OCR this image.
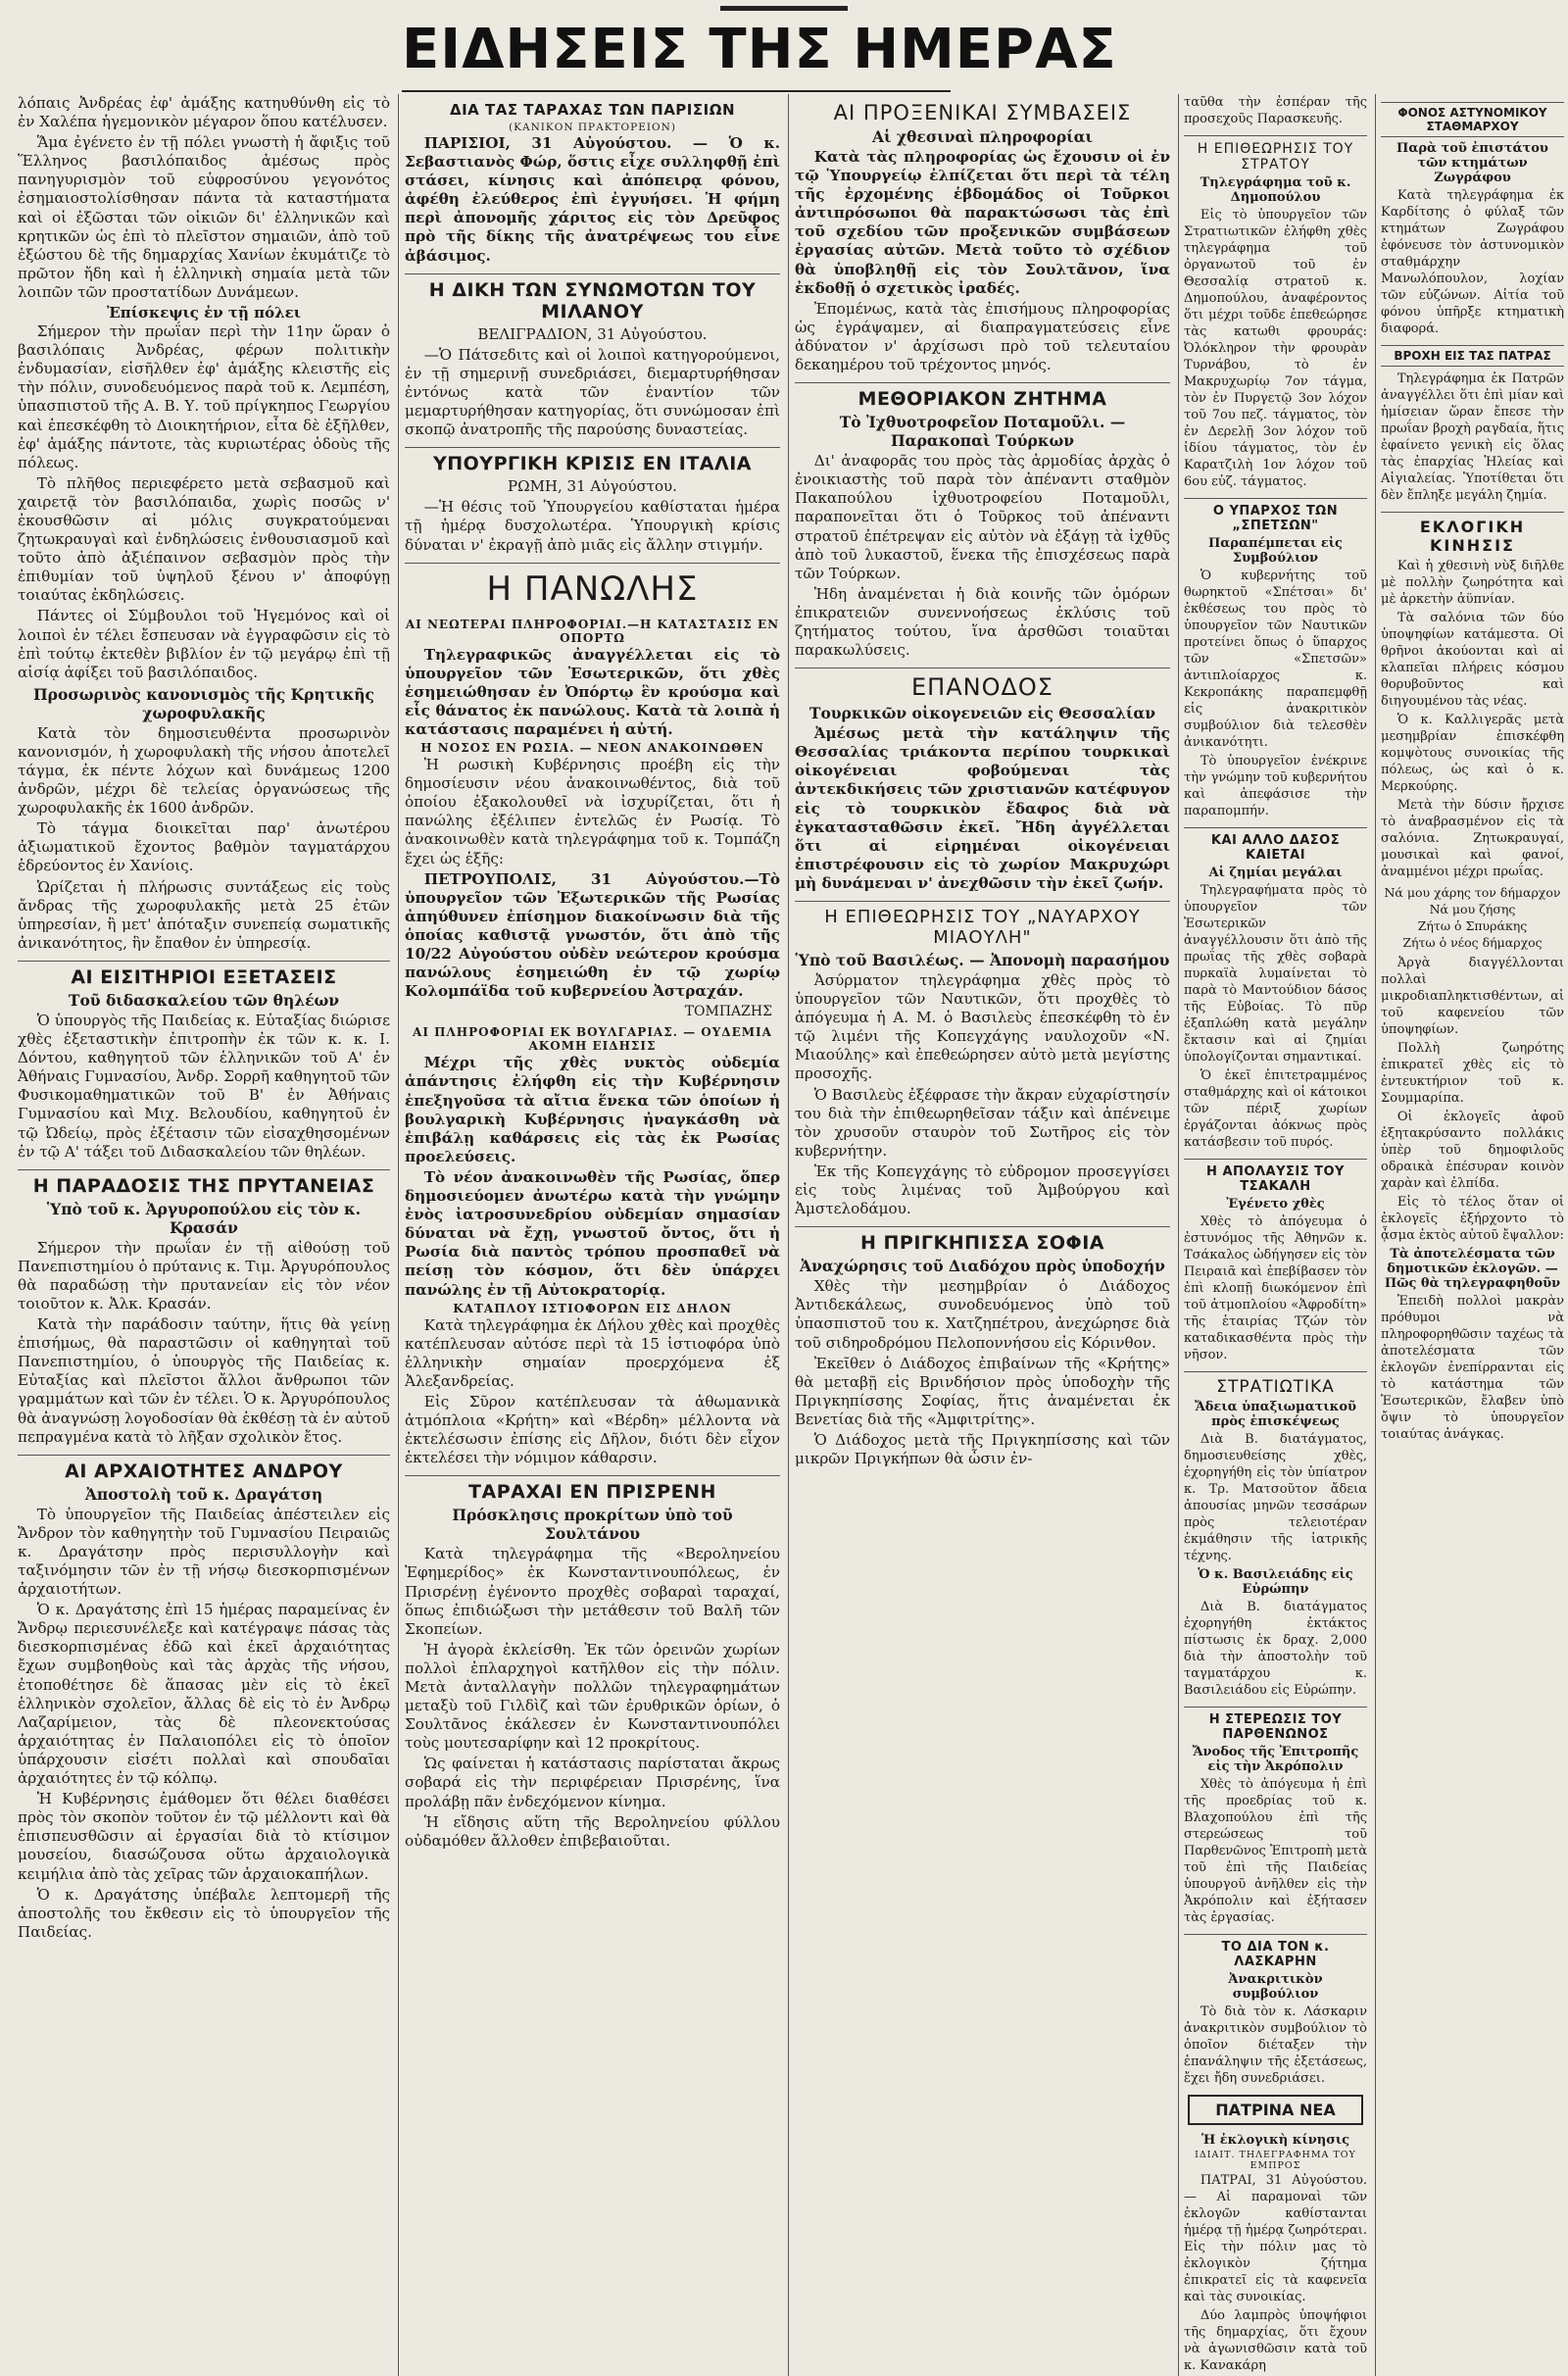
ΕΙΔΗΣΕΙΣ ΤΗΣ ΗΜΕΡΑΣ

λόπαις Ἀνδρέας ἐφ' ἁμάξης κατηυθύνθη εἰς τὸ ἐν Χαλέπα ἡγεμονικὸν μέγαρον ὅπου κατέλυσεν.

Ἅμα ἐγένετο ἐν τῇ πόλει γνωστὴ ἡ ἄφιξις τοῦ Ἕλληνος βασιλόπαιδος ἀμέσως πρὸς πανηγυρισμὸν τοῦ εὐφροσύνου γεγονότος ἐσημαιοστολίσθησαν πάντα τὰ καταστήματα καὶ οἱ ἐξῶσται τῶν οἰκιῶν δι' ἑλληνικῶν καὶ κρητικῶν ὡς ἐπὶ τὸ πλεῖστον σημαιῶν, ἀπὸ τοῦ ἐξώστου δὲ τῆς δημαρχίας Χανίων ἐκυμάτιζε τὸ πρῶτον ἤδη καὶ ἡ ἑλληνικὴ σημαία μετὰ τῶν λοιπῶν τῶν προστατίδων Δυνάμεων.

Ἐπίσκεψις ἐν τῇ πόλει

Σήμερον τὴν πρωΐαν περὶ τὴν 11ην ὥραν ὁ βασιλόπαις Ἀνδρέας, φέρων πολιτικὴν ἐνδυμασίαν, εἰσῆλθεν ἐφ' ἁμάξης κλειστῆς εἰς τὴν πόλιν, συνοδευόμενος παρὰ τοῦ κ. Λεμπέση, ὑπασπιστοῦ τῆς Α. Β. Υ. τοῦ πρίγκηπος Γεωργίου καὶ ἐπεσκέφθη τὸ Διοικητήριον, εἶτα δὲ ἐξῆλθεν, ἐφ' ἁμάξης πάντοτε, τὰς κυριωτέρας ὁδοὺς τῆς πόλεως.

Τὸ πλῆθος περιεφέρετο μετὰ σεβασμοῦ καὶ χαιρετᾷ τὸν βασιλόπαιδα, χωρὶς ποσῶς ν' ἐκουσθῶσιν αἱ μόλις συγκρατούμεναι ζητωκραυγαὶ καὶ ἐνδηλώσεις ἐνθουσιασμοῦ καὶ τοῦτο ἀπὸ ἀξιέπαινον σεβασμὸν πρὸς τὴν ἐπιθυμίαν τοῦ ὑψηλοῦ ξένου ν' ἀποφύγῃ τοιαύτας ἐκδηλώσεις.

Πάντες οἱ Σύμβουλοι τοῦ Ἡγεμόνος καὶ οἱ λοιποὶ ἐν τέλει ἔσπευσαν νὰ ἐγγραφῶσιν εἰς τὸ ἐπὶ τούτῳ ἐκτεθὲν βιβλίον ἐν τῷ μεγάρῳ ἐπὶ τῇ αἰσίᾳ ἀφίξει τοῦ βασιλόπαιδος.

Προσωρινὸς κανονισμὸς τῆς Κρητικῆς χωροφυλακῆς

Κατὰ τὸν δημοσιευθέντα προσωρινὸν κανονισμόν, ἡ χωροφυλακὴ τῆς νήσου ἀποτελεῖ τάγμα, ἐκ πέντε λόχων καὶ δυνάμεως 1200 ἀνδρῶν, μέχρι δὲ τελείας ὀργανώσεως τῆς χωροφυλακῆς ἐκ 1600 ἀνδρῶν.

Τὸ τάγμα διοικεῖται παρ' ἀνωτέρου ἀξιωματικοῦ ἔχοντος βαθμὸν ταγματάρχου ἑδρεύοντος ἐν Χανίοις.

Ὡρίζεται ἡ πλήρωσις συντάξεως εἰς τοὺς ἄνδρας τῆς χωροφυλακῆς μετὰ 25 ἐτῶν ὑπηρεσίαν, ἢ μετ' ἀπόταξιν συνεπείᾳ σωματικῆς ἀνικανότητος, ἣν ἔπαθον ἐν ὑπηρεσίᾳ.

ΑΙ ΕΙΣΙΤΗΡΙΟΙ ΕΞΕΤΑΣΕΙΣ
Τοῦ διδασκαλείου τῶν θηλέων

Ὁ ὑπουργὸς τῆς Παιδείας κ. Εὐταξίας διώρισε χθὲς ἐξεταστικὴν ἐπιτροπὴν ἐκ τῶν κ. κ. Ι. Δόντου, καθηγητοῦ τῶν ἑλληνικῶν τοῦ Α' ἐν Ἀθήναις Γυμνασίου, Ἀνδρ. Σορρῆ καθηγητοῦ τῶν Φυσικομαθηματικῶν τοῦ Β' ἐν Ἀθήναις Γυμνασίου καὶ Μιχ. Βελουδίου, καθηγητοῦ ἐν τῷ Ὠδείῳ, πρὸς ἐξέτασιν τῶν εἰσαχθησομένων ἐν τῷ Α' τάξει τοῦ Διδασκαλείου τῶν θηλέων.

Η ΠΑΡΑΔΟΣΙΣ ΤΗΣ ΠΡΥΤΑΝΕΙΑΣ
Ὑπὸ τοῦ κ. Ἀργυροπούλου εἰς τὸν κ. Κρασάν

Σήμερον τὴν πρωΐαν ἐν τῇ αἰθούσῃ τοῦ Πανεπιστημίου ὁ πρύτανις κ. Τιμ. Ἀργυρόπουλος θὰ παραδώσῃ τὴν πρυτανείαν εἰς τὸν νέον τοιοῦτον κ. Ἀλκ. Κρασάν.

Κατὰ τὴν παράδοσιν ταύτην, ἥτις θὰ γείνῃ ἐπισήμως, θὰ παραστῶσιν οἱ καθηγηταὶ τοῦ Πανεπιστημίου, ὁ ὑπουργὸς τῆς Παιδείας κ. Εὐταξίας καὶ πλεῖστοι ἄλλοι ἄνθρωποι τῶν γραμμάτων καὶ τῶν ἐν τέλει. Ὁ κ. Ἀργυρόπουλος θὰ ἀναγνώσῃ λογοδοσίαν θὰ ἐκθέσῃ τὰ ἐν αὐτοῦ πεπραγμένα κατὰ τὸ λῆξαν σχολικὸν ἔτος.

ΑΙ ΑΡΧΑΙΟΤΗΤΕΣ ΑΝΔΡΟΥ
Ἀποστολὴ τοῦ κ. Δραγάτση

Τὸ ὑπουργεῖον τῆς Παιδείας ἀπέστειλεν εἰς Ἄνδρον τὸν καθηγητὴν τοῦ Γυμνασίου Πειραιῶς κ. Δραγάτσην πρὸς περισυλλογὴν καὶ ταξινόμησιν τῶν ἐν τῇ νήσῳ διεσκορπισμένων ἀρχαιοτήτων.

Ὁ κ. Δραγάτσης ἐπὶ 15 ἡμέρας παραμείνας ἐν Ἄνδρῳ περιεσυνέλεξε καὶ κατέγραψε πάσας τὰς διεσκορπισμένας ἐδῶ καὶ ἐκεῖ ἀρχαιότητας ἔχων συμβοηθοὺς καὶ τὰς ἀρχὰς τῆς νήσου, ἐτοποθέτησε δὲ ἅπασας μὲν εἰς τὸ ἐκεῖ ἑλληνικὸν σχολεῖον, ἄλλας δὲ εἰς τὸ ἐν Ἀνδρῳ Λαζαρίμειον, τὰς δὲ πλεονεκτούσας ἀρχαιότητας ἐν Παλαιοπόλει εἰς τὸ ὁποῖον ὑπάρχουσιν εἰσέτι πολλαὶ καὶ σπουδαῖαι ἀρχαιότητες ἐν τῷ κόλπῳ.

Ἡ Κυβέρνησις ἐμάθομεν ὅτι θέλει διαθέσει πρὸς τὸν σκοπὸν τοῦτον ἐν τῷ μέλλοντι καὶ θὰ ἐπισπευσθῶσιν αἱ ἐργασίαι διὰ τὸ κτίσιμον μουσείου, διασώζουσα οὕτω ἀρχαιολογικὰ κειμήλια ἀπὸ τὰς χεῖρας τῶν ἀρχαιοκαπήλων.

Ὁ κ. Δραγάτσης ὑπέβαλε λεπτομερῆ τῆς ἀποστολῆς του ἔκθεσιν εἰς τὸ ὑπουργεῖον τῆς Παιδείας.

ΔΙΑ ΤΑΣ ΤΑΡΑΧΑΣ ΤΩΝ ΠΑΡΙΣΙΩΝ
(ΚΑΝΙΚΟΝ ΠΡΑΚΤΟΡΕΙΟΝ)

ΠΑΡΙΣΙΟΙ, 31 Αὐγούστου. — Ὁ κ. Σεβαστιανὸς Φώρ, ὅστις εἶχε συλληφθῇ ἐπὶ στάσει, κίνησις καὶ ἀπόπειρᾳ φόνου, ἀφέθη ἐλεύθερος ἐπὶ ἐγγυήσει. Ἡ φήμη περὶ ἀπονομῆς χάριτος εἰς τὸν Δρεῦφος πρὸ τῆς δίκης τῆς ἀνατρέψεως του εἶνε ἀβάσιμος.

Η ΔΙΚΗ ΤΩΝ ΣΥΝΩΜΟΤΩΝ ΤΟΥ ΜΙΛΑΝΟΥ

ΒΕΛΙΓΡΑΔΙΟΝ, 31 Αὐγούστου.

—Ὁ Πάτσεδιτς καὶ οἱ λοιποὶ κατηγορούμενοι, ἐν τῇ σημερινῇ συνεδριάσει, διεμαρτυρήθησαν ἐντόνως κατὰ τῶν ἐναντίον τῶν μεμαρτυρήθησαν κατηγορίας, ὅτι συνώμοσαν ἐπὶ σκοπῷ ἀνατροπῆς τῆς παρούσης δυναστείας.

ΥΠΟΥΡΓΙΚΗ ΚΡΙΣΙΣ ΕΝ ΙΤΑΛΙΑ

ΡΩΜΗ, 31 Αὐγούστου.

—Ἡ θέσις τοῦ Ὑπουργείου καθίσταται ἡμέρα τῇ ἡμέρᾳ δυσχολωτέρα. Ὑπουργικὴ κρίσις δύναται ν' ἐκραγῇ ἀπὸ μιᾶς εἰς ἄλλην στιγμήν.

Η ΠΑΝΩΛΗΣ
ΑΙ ΝΕΩΤΕΡΑΙ ΠΛΗΡΟΦΟΡΙΑΙ.—Η ΚΑΤΑΣΤΑΣΙΣ ΕΝ ΟΠΟΡΤΩ

Τηλεγραφικῶς ἀναγγέλλεται εἰς τὸ ὑπουργεῖον τῶν Ἐσωτερικῶν, ὅτι χθὲς ἐσημειώθησαν ἐν Ὀπόρτῳ ἓν κρούσμα καὶ εἷς θάνατος ἐκ πανώλους. Κατὰ τὰ λοιπὰ ἡ κατάστασις παραμένει ἡ αὐτή.

Η ΝΟΣΟΣ ΕΝ ΡΩΣΙΑ. — ΝΕΟΝ ΑΝΑΚΟΙΝΩΘΕΝ

Ἡ ρωσικὴ Κυβέρνησις προέβη εἰς τὴν δημοσίευσιν νέου ἀνακοινωθέντος, διὰ τοῦ ὁποίου ἐξακολουθεῖ νὰ ἰσχυρίζεται, ὅτι ἡ πανώλης ἐξέλιπεν ἐντελῶς ἐν Ρωσίᾳ. Τὸ ἀνακοινωθὲν κατὰ τηλεγράφημα τοῦ κ. Τομπάζη ἔχει ὡς ἑξῆς:

ΠΕΤΡΟΥΠΟΛΙΣ, 31 Αὐγούστου.—Τὸ ὑπουργεῖον τῶν Ἐξωτερικῶν τῆς Ρωσίας ἀπηύθυνεν ἐπίσημον διακοίνωσιν διὰ τῆς ὁποίας καθιστᾷ γνωστόν, ὅτι ἀπὸ τῆς 10/22 Αὐγούστου οὐδὲν νεώτερον κρούσμα πανώλους ἐσημειώθη ἐν τῷ χωρίῳ Κολομπάϊδα τοῦ κυβερνείου Ἀστραχάν.

ΤΟΜΠΑΖΗΣ

ΑΙ ΠΛΗΡΟΦΟΡΙΑΙ ΕΚ ΒΟΥΛΓΑΡΙΑΣ. — ΟΥΔΕΜΙΑ ΑΚΟΜΗ ΕΙΔΗΣΙΣ

Μέχρι τῆς χθὲς νυκτὸς οὐδεμία ἀπάντησις ἐλήφθη εἰς τὴν Κυβέρνησιν ἐπεξηγοῦσα τὰ αἴτια ἕνεκα τῶν ὁποίων ἡ βουλγαρικὴ Κυβέρνησις ἠναγκάσθη νὰ ἐπιβάλῃ καθάρσεις εἰς τὰς ἐκ Ρωσίας προελεύσεις.

Τὸ νέον ἀνακοινωθὲν τῆς Ρωσίας, ὅπερ δημοσιεύομεν ἀνωτέρω κατὰ τὴν γνώμην ἐνὸς ἰατροσυνεδρίου οὐδεμίαν σημασίαν δύναται νὰ ἔχῃ, γνωστοῦ ὄντος, ὅτι ἡ Ρωσία διὰ παντὸς τρόπου προσπαθεῖ νὰ πείσῃ τὸν κόσμον, ὅτι δὲν ὑπάρχει πανώλης ἐν τῇ Αὐτοκρατορίᾳ.

ΚΑΤΑΠΛΟΥ ΙΣΤΙΟΦΟΡΩΝ ΕΙΣ ΔΗΛΟΝ

Κατὰ τηλεγράφημα ἐκ Δήλου χθὲς καὶ προχθὲς κατέπλευσαν αὐτόσε περὶ τὰ 15 ἱστιοφόρα ὑπὸ ἑλληνικὴν σημαίαν προερχόμενα ἐξ Ἀλεξανδρείας.

Εἰς Σῦρον κατέπλευσαν τὰ ἀθωμανικὰ ἀτμόπλοια «Κρήτη» καὶ «Βέρδη» μέλλοντα νὰ ἐκτελέσωσιν ἐπίσης εἰς Δῆλον, διότι δὲν εἶχον ἐκτελέσει τὴν νόμιμον κάθαρσιν.

ΤΑΡΑΧΑΙ ΕΝ ΠΡΙΣΡΕΝΗ
Πρόσκλησις προκρίτων ὑπὸ τοῦ Σουλτάνου

Κατὰ τηλεγράφημα τῆς «Βεροληνείου Ἐφημερίδος» ἐκ Κωνσταντινουπόλεως, ἐν Πρισρένῃ ἐγένοντο προχθὲς σοβαραὶ ταραχαί, ὅπως ἐπιδιώξωσι τὴν μετάθεσιν τοῦ Βαλῆ τῶν Σκοπείων.

Ἡ ἀγορὰ ἐκλείσθη. Ἐκ τῶν ὀρεινῶν χωρίων πολλοὶ ἐπλαρχηγοὶ κατῆλθον εἰς τὴν πόλιν. Μετὰ ἀνταλλαγὴν πολλῶν τηλεγραφημάτων μεταξὺ τοῦ Γιλδὶζ καὶ τῶν ἐρυθρικῶν ὁρίων, ὁ Σουλτᾶνος ἐκάλεσεν ἐν Κωνσταντινουπόλει τοὺς μουτεσαρίφην καὶ 12 προκρίτους.

Ὡς φαίνεται ἡ κατάστασις παρίσταται ἄκρως σοβαρά εἰς τὴν περιφέρειαν Πρισρένης, ἵνα προλάβῃ πᾶν ἐνδεχόμενον κίνημα.

Ἡ εἴδησις αὕτη τῆς Βεροληνείου φύλλου οὐδαμόθεν ἄλλοθεν ἐπιβεβαιοῦται.

ΑΙ ΠΡΟΞΕΝΙΚΑΙ ΣΥΜΒΑΣΕΙΣ
Αἱ χθεσιναὶ πληροφορίαι

Κατὰ τὰς πληροφορίας ὡς ἔχουσιν οἱ ἐν τῷ Ὑπουργείῳ ἐλπίζεται ὅτι περὶ τὰ τέλη τῆς ἐρχομένης ἑβδομάδος οἱ Τοῦρκοι ἀντιπρόσωποι θὰ παρακτώσωσι τὰς ἐπὶ τοῦ σχεδίου τῶν προξενικῶν συμβάσεων ἐργασίας αὐτῶν. Μετὰ τοῦτο τὸ σχέδιον θὰ ὑποβληθῇ εἰς τὸν Σουλτᾶνον, ἵνα ἐκδοθῇ ὁ σχετικὸς ἰραδές.

Ἐπομένως, κατὰ τὰς ἐπισήμους πληροφορίας ὡς ἐγράψαμεν, αἱ διαπραγματεύσεις εἶνε ἀδύνατον ν' ἀρχίσωσι πρὸ τοῦ τελευταίου δεκαημέρου τοῦ τρέχοντος μηνός.

ΜΕΘΟΡΙΑΚΟΝ ΖΗΤΗΜΑ
Τὸ Ἰχθυοτροφεῖον Ποταμοῦλι. — Παρακοπαὶ Τούρκων

Δι' ἀναφορᾶς του πρὸς τὰς ἁρμοδίας ἀρχὰς ὁ ἐνοικιαστὴς τοῦ παρὰ τὸν ἀπέναντι σταθμὸν Πακαπούλου ἰχθυοτροφείου Ποταμοῦλι, παραπονεῖται ὅτι ὁ Τοῦρκος τοῦ ἀπέναντι στρατοῦ ἐπέτρεψαν εἰς αὐτὸν νὰ ἐξάγῃ τὰ ἰχθῦς ἀπὸ τοῦ λυκαστοῦ, ἕνεκα τῆς ἐπισχέσεως παρὰ τῶν Τούρκων.

Ἡδη ἀναμένεται ἡ διὰ κοινῆς τῶν ὁμόρων ἐπικρατειῶν συνεννοήσεως ἐκλύσις τοῦ ζητήματος τούτου, ἵνα ἀρσθῶσι τοιαῦται παρακωλύσεις.

ΕΠΑΝΟΔΟΣ
Τουρκικῶν οἰκογενειῶν εἰς Θεσσαλίαν

Ἀμέσως μετὰ τὴν κατάληψιν τῆς Θεσσαλίας τριάκοντα περίπου τουρκικαὶ οἰκογένειαι φοβούμεναι τὰς ἀντεκδικήσεις τῶν χριστιανῶν κατέφυγον εἰς τὸ τουρκικὸν ἔδαφος διὰ νὰ ἐγκατασταθῶσιν ἐκεῖ. Ἤδη ἀγγέλλεται ὅτι αἱ εἰρημέναι οἰκογένειαι ἐπιστρέφουσιν εἰς τὸ χωρίον Μακρυχώρι μὴ δυνάμεναι ν' ἀνεχθῶσιν τὴν ἐκεῖ ζωήν.

Η ΕΠΙΘΕΩΡΗΣΙΣ ΤΟΥ „ΝΑΥΑΡΧΟΥ ΜΙΑΟΥΛΗ"
Ὑπὸ τοῦ Βασιλέως. — Ἀπονομὴ παρασήμου

Ἀσύρματον τηλεγράφημα χθὲς πρὸς τὸ ὑπουργεῖον τῶν Ναυτικῶν, ὅτι προχθὲς τὸ ἀπόγευμα ἡ Α. Μ. ὁ Βασιλεὺς ἐπεσκέφθη τὸ ἐν τῷ λιμένι τῆς Κοπεγχάγης ναυλοχοῦν «Ν. Μιαούλης» καὶ ἐπεθεώρησεν αὐτὸ μετὰ μεγίστης προσοχῆς.

Ὁ Βασιλεὺς ἐξέφρασε τὴν ἄκραν εὐχαρίστησίν του διὰ τὴν ἐπιθεωρηθεῖσαν τάξιν καὶ ἀπένειμε τὸν χρυσοῦν σταυρὸν τοῦ Σωτῆρος εἰς τὸν κυβερνήτην.

Ἐκ τῆς Κοπεγχάγης τὸ εὐδρομον προσεγγίσει εἰς τοὺς λιμένας τοῦ Ἀμβούργου καὶ Ἀμστελοδάμου.

Η ΠΡΙΓΚΗΠΙΣΣΑ ΣΟΦΙΑ
Ἀναχώρησις τοῦ Διαδόχου πρὸς ὑποδοχήν

Χθὲς τὴν μεσημβρίαν ὁ Διάδοχος Ἀντιδεκάλεως, συνοδευόμενος ὑπὸ τοῦ ὑπασπιστοῦ του κ. Χατζηπέτρου, ἀνεχώρησε διὰ τοῦ σιδηροδρόμου Πελοποννήσου εἰς Κόρινθον.

Ἐκεῖθεν ὁ Διάδοχος ἐπιβαίνων τῆς «Κρήτης» θὰ μεταβῇ εἰς Βρινδήσιον πρὸς ὑποδοχὴν τῆς Πριγκηπίσσης Σοφίας, ἥτις ἀναμένεται ἐκ Βενετίας διὰ τῆς «Ἀμφιτρίτης».

Ὁ Διάδοχος μετὰ τῆς Πριγκηπίσσης καὶ τῶν μικρῶν Πριγκήπων θὰ ὦσιν ἐν-

ταῦθα τὴν ἑσπέραν τῆς προσεχοῦς Παρασκευῆς.

Η ΕΠΙΘΕΩΡΗΣΙΣ ΤΟΥ ΣΤΡΑΤΟΥ
Τηλεγράφημα τοῦ κ. Δημοπούλου

Εἰς τὸ ὑπουργεῖον τῶν Στρατιωτικῶν ἐλήφθη χθὲς τηλεγράφημα τοῦ ὀργανωτοῦ τοῦ ἐν Θεσσαλίᾳ στρατοῦ κ. Δημοπούλου, ἀναφέροντος ὅτι μέχρι τοῦδε ἐπεθεώρησε τὰς κατωθι φρουράς: Ὀλόκληρον τὴν φρουρὰν Τυρνάβου, τὸ ἐν Μακρυχωρίῳ 7ον τάγμα, τὸν ἐν Πυργετῷ 3ον λόχον τοῦ 7ου πεζ. τάγματος, τὸν ἐν Δερελῇ 3ον λόχον τοῦ ἰδίου τάγματος, τὸν ἐν Καρατζιλὴ 1ον λόχον τοῦ 6ου εὐζ. τάγματος.

Ο ΥΠΑΡΧΟΣ ΤΩΝ „ΣΠΕΤΣΩΝ"
Παραπέμπεται εἰς Συμβούλιον

Ὁ κυβερνήτης τοῦ θωρηκτοῦ «Σπέτσαι» δι' ἐκθέσεως του πρὸς τὸ ὑπουργεῖον τῶν Ναυτικῶν προτείνει ὅπως ὁ ὕπαρχος τῶν «Σπετσῶν» ἀντιπλοίαρχος κ. Κεκροπάκης παραπεμφθῇ εἰς ἀνακριτικὸν συμβούλιον διὰ τελεσθὲν ἀνικανότητι.

Τὸ ὑπουργεῖον ἐνέκρινε τὴν γνώμην τοῦ κυβερνήτου καὶ ἀπεφάσισε τὴν παραπομπήν.

ΚΑΙ ΑΛΛΟ ΔΑΣΟΣ ΚΑΙΕΤΑΙ
Αἱ ζημίαι μεγάλαι

Τηλεγραφήματα πρὸς τὸ ὑπουργεῖον τῶν Ἐσωτερικῶν ἀναγγέλλουσιν ὅτι ἀπὸ τῆς πρωΐας τῆς χθὲς σοβαρὰ πυρκαϊὰ λυμαίνεται τὸ παρὰ τὸ Μαντούδιον δάσος τῆς Εὐβοίας. Τὸ πῦρ ἐξαπλώθη κατὰ μεγάλην ἔκτασιν καὶ αἱ ζημίαι ὑπολογίζονται σημαντικαί.

Ὁ ἐκεῖ ἐπιτετραμμένος σταθμάρχης καὶ οἱ κάτοικοι τῶν πέριξ χωρίων ἐργάζονται ἀόκνως πρὸς κατάσβεσιν τοῦ πυρός.

Η ΑΠΟΛΑΥΣΙΣ ΤΟΥ ΤΣΑΚΑΛΗ
Ἐγένετο χθὲς

Χθὲς τὸ ἀπόγευμα ὁ ἐστυνόμος τῆς Ἀθηνῶν κ. Τσάκαλος ὡδήγησεν εἰς τὸν Πειραιᾶ καὶ ἐπεβίβασεν τὸν ἐπὶ κλοπῇ διωκόμενον ἐπὶ τοῦ ἀτμοπλοίου «Ἀφροδίτη» τῆς ἑταιρίας Τζών τὸν καταδικασθέντα πρὸς τὴν νῆσον.

ΣΤΡΑΤΙΩΤΙΚΑ
Ἄδεια ὑπαξιωματικοῦ πρὸς ἐπισκέψεως

Διὰ Β. διατάγματος, δημοσιευθείσης χθὲς, ἐχορηγήθη εἰς τὸν ὑπίατρον κ. Τρ. Ματσοῦτον ἄδεια ἀπουσίας μηνῶν τεσσάρων πρὸς τελειοτέραν ἐκμάθησιν τῆς ἰατρικῆς τέχνης.

Ὁ κ. Βασιλειάδης εἰς Εὐρώπην

Διὰ Β. διατάγματος ἐχορηγήθη ἐκτάκτος πίστωσις ἐκ δραχ. 2,000 διὰ τὴν ἀποστολὴν τοῦ ταγματάρχου κ. Βασιλειάδου εἰς Εὐρώπην.

Η ΣΤΕΡΕΩΣΙΣ ΤΟΥ ΠΑΡΘΕΝΩΝΟΣ
Ἄνοδος τῆς Ἐπιτροπῆς εἰς τὴν Ἀκρόπολιν

Χθὲς τὸ ἀπόγευμα ἡ ἐπὶ τῆς προεδρίας τοῦ κ. Βλαχοπούλου ἐπὶ τῆς στερεώσεως τοῦ Παρθενῶνος Ἐπιτροπὴ μετὰ τοῦ ἐπὶ τῆς Παιδείας ὑπουργοῦ ἀνῆλθεν εἰς τὴν Ἀκρόπολιν καὶ ἐξήτασεν τὰς ἐργασίας.

ΤΟ ΔΙΑ ΤΟΝ κ. ΛΑΣΚΑΡΗΝ
Ἀνακριτικὸν συμβούλιον

Τὸ διὰ τὸν κ. Λάσκαριν ἀνακριτικὸν συμβούλιον τὸ ὁποῖον διέταξεν τὴν ἐπανάληψιν τῆς ἐξετάσεως, ἔχει ἤδη συνεδριάσει.

ΠΑΤΡΙΝΑ ΝΕΑ
Ἡ ἐκλογικὴ κίνησις
ΙΔΙΑΙΤ. ΤΗΛΕΓΡΑΦΗΜΑ ΤΟΥ ΕΜΠΡΟΣ

ΠΑΤΡΑΙ, 31 Αὐγούστου. — Αἱ παραμοναὶ τῶν ἐκλογῶν καθίστανται ἡμέρᾳ τῇ ἡμέρᾳ ζωηρότεραι. Εἰς τὴν πόλιν μας τὸ ἐκλογικὸν ζήτημα ἐπικρατεῖ εἰς τὰ καφενεῖα καὶ τὰς συνοικίας.

Δύο λαμπρὸς ὑποψήφιοι τῆς δημαρχίας, ὅτι ἔχουν νὰ ἀγωνισθῶσιν κατὰ τοῦ κ. Κανακάρη

ΦΟΝΟΣ ΑΣΤΥΝΟΜΙΚΟΥ ΣΤΑΘΜΑΡΧΟΥ
Παρὰ τοῦ ἐπιστάτου τῶν κτημάτων Ζωγράφου

Κατὰ τηλεγράφημα ἐκ Καρδίτσης ὁ φύλαξ τῶν κτημάτων Ζωγράφου ἐφόνευσε τὸν ἀστυνομικὸν σταθμάρχην Μανωλόπουλον, λοχίαν τῶν εὐζώνων. Αἰτία τοῦ φόνου ὑπῆρξε κτηματικὴ διαφορά.

ΒΡΟΧΗ ΕΙΣ ΤΑΣ ΠΑΤΡΑΣ

Τηλεγράφημα ἐκ Πατρῶν ἀναγγέλλει ὅτι ἐπὶ μίαν καὶ ἡμίσειαν ὥραν ἔπεσε τὴν πρωΐαν βροχὴ ραγδαία, ἥτις ἐφαίνετο γενικὴ εἰς ὅλας τὰς ἐπαρχίας Ἠλείας καὶ Αἰγιαλείας. Ὑποτίθεται ὅτι δὲν ἔπληξε μεγάλη ζημία.

ΕΚΛΟΓΙΚΗ ΚΙΝΗΣΙΣ

Καὶ ἡ χθεσινὴ νὺξ διῆλθε μὲ πολλὴν ζωηρότητα καὶ μὲ ἀρκετὴν ἀϋπνίαν.

Τὰ σαλόνια τῶν δύο ὑποψηφίων κατάμεστα. Οἱ θρῆνοι ἀκούονται καὶ αἱ κλαπεῖαι πλήρεις κόσμου θορυβοῦντος καὶ διηγουμένου τὰς νέας.

Ὁ κ. Καλλιγερᾶς μετὰ μεσημβρίαν ἐπισκέφθη κομψὸτους συνοικίας τῆς πόλεως, ὡς καὶ ὁ κ. Μερκούρης.

Μετὰ τὴν δύσιν ἤρχισε τὸ ἀναβρασμένον εἰς τὰ σαλόνια. Ζητωκραυγαί, μουσικαὶ καὶ φανοί, ἀναμμένοι μέχρι πρωΐας.

Νά μου χάρης τον δήμαρχον
Νά μου ζήσης
Ζήτω ὁ Σπυράκης
Ζήτω ὁ νέος δήμαρχος

Ἀργὰ διαγγέλλονται πολλαὶ μικροδιαπληκτισθέντων, αἱ τοῦ καφενείου τῶν ὑποψηφίων.

Πολλὴ ζωηρότης ἐπικρατεῖ χθὲς εἰς τὸ ἐντευκτήριον τοῦ κ. Σουμμαρίπα.

Οἱ ἐκλογεῖς ἀφοῦ ἐξητακρύσαντο πολλάκις ὑπὲρ τοῦ δημοφιλοῦς οδραικὰ ἐπέσυραν κοινὸν χαρὰν καὶ ἐλπίδα.

Εἰς τὸ τέλος ὅταν οἱ ἐκλογεῖς ἐξήρχοντο τὸ ᾆσμα ἐκτὸς αὐτοῦ ἔψαλλον:

Τὰ ἀποτελέσματα τῶν δημοτικῶν ἐκλογῶν. — Πῶς θὰ τηλεγραφηθοῦν

Ἐπειδὴ πολλοὶ μακρὰν πρόθυμοι νὰ πληροφορηθῶσιν ταχέως τὰ ἀποτελέσματα τῶν ἐκλογῶν ἐνεπίρρανται εἰς τὸ κατάστημα τῶν Ἐσωτερικῶν, ἔλαβεν ὑπὸ ὄψιν τὸ ὑπουργεῖον τοιαύτας ἀνάγκας.
